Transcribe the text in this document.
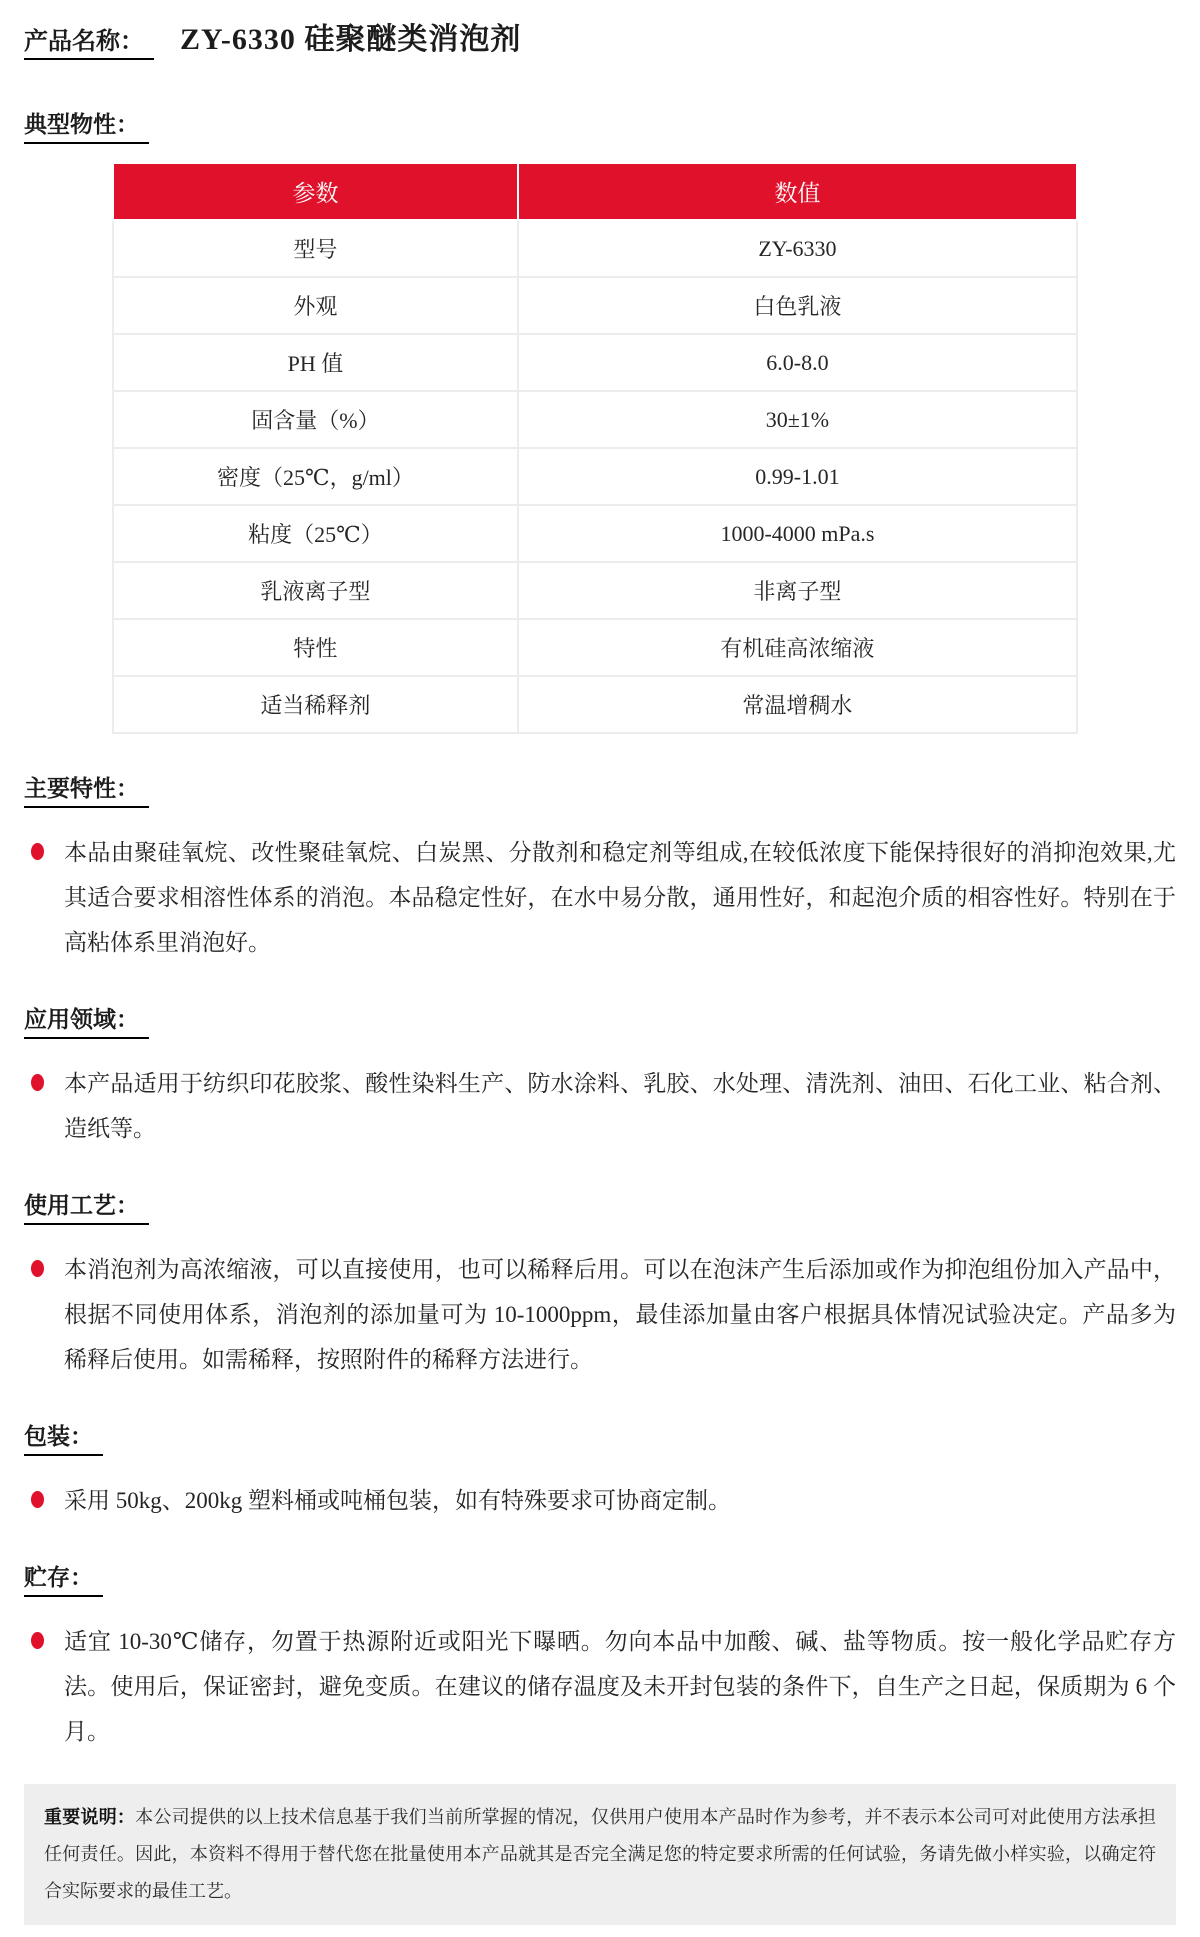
产品名称： ZY-6330 硅聚醚类消泡剂
典型物性：
参数	数值
型号	ZY-6330
外观	白色乳液
PH 值	6.0-8.0
固含量（%）	30±1%
密度（25℃，g/ml）	0.99-1.01
粘度（25℃）	1000-4000 mPa.s
乳液离子型	非离子型
特性	有机硅高浓缩液
适当稀释剂	常温增稠水
主要特性：

本品由聚硅氧烷、改性聚硅氧烷、白炭黑、分散剂和稳定剂等组成,在较低浓度下能保持很好的消抑泡效果,尤其适合要求相溶性体系的消泡。本品稳定性好，在水中易分散，通用性好，和起泡介质的相容性好。特别在于高粘体系里消泡好。

应用领域：

本产品适用于纺织印花胶浆、酸性染料生产、防水涂料、乳胶、水处理、清洗剂、油田、石化工业、粘合剂、造纸等。

使用工艺：

本消泡剂为高浓缩液，可以直接使用，也可以稀释后用。可以在泡沫产生后添加或作为抑泡组份加入产品中，根据不同使用体系，消泡剂的添加量可为 10-1000ppm，最佳添加量由客户根据具体情况试验决定。产品多为稀释后使用。如需稀释，按照附件的稀释方法进行。

包装：

采用 50kg、200kg 塑料桶或吨桶包装，如有特殊要求可协商定制。

贮存：

适宜 10-30℃储存，勿置于热源附近或阳光下曝晒。勿向本品中加酸、碱、盐等物质。按一般化学品贮存方法。使用后，保证密封，避免变质。在建议的储存温度及未开封包装的条件下，自生产之日起，保质期为 6 个月。

重要说明：本公司提供的以上技术信息基于我们当前所掌握的情况，仅供用户使用本产品时作为参考，并不表示本公司可对此使用方法承担任何责任。因此，本资料不得用于替代您在批量使用本产品就其是否完全满足您的特定要求所需的任何试验，务请先做小样实验，以确定符合实际要求的最佳工艺。
